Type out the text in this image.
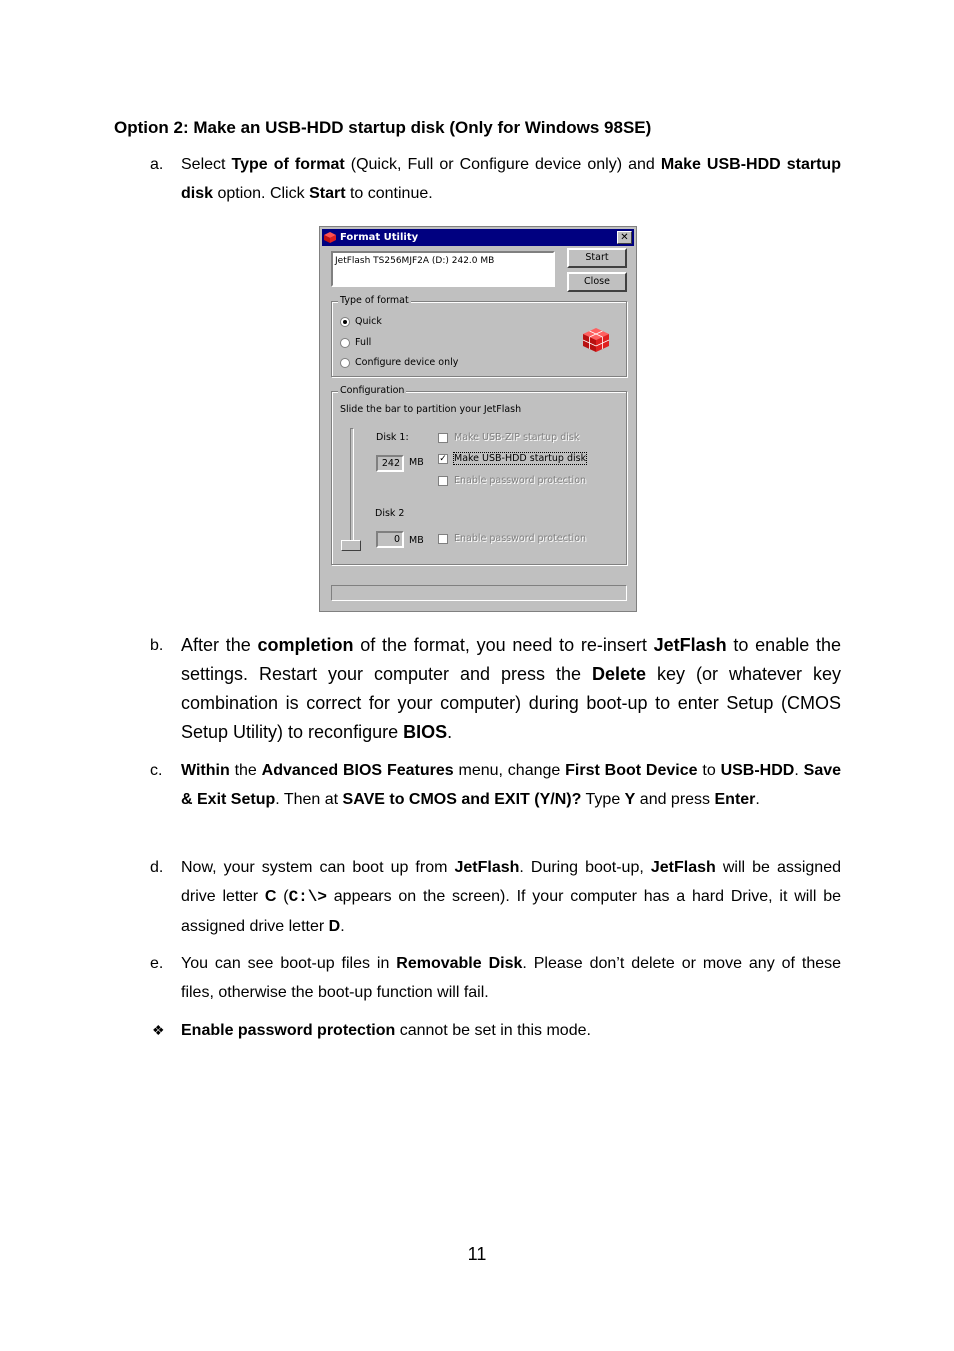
Option 2: Make an USB-HDD startup disk (Only for Windows 98SE)
a.	Select Type of format (Quick, Full or Configure device only) and Make USB-HDD startup disk option. Click Start to continue.
Format Utility	✕
JetFlash TS256MJF2A (D:) 242.0 MB	Start
Close
Type of format
Quick
Full
Configure device only
Configuration
Slide the bar to partition your JetFlash
Disk 1:
242 MB
Make USB-ZIP startup disk
✓ Make USB-HDD startup disk
Enable password protection
Disk 2
0 MB	Enable password protection
b. After the completion of the format, you need to re-insert JetFlash to enable the settings. Restart your computer and press the Delete key (or whatever key combination is correct for your computer) during boot-up to enter Setup (CMOS Setup Utility) to reconfigure BIOS.
c.	Within the Advanced BIOS Features menu, change First Boot Device to USB-HDD. Save & Exit Setup. Then at SAVE to CMOS and EXIT (Y/N)? Type Y and press Enter.
d.	Now, your system can boot up from JetFlash. During boot-up, JetFlash will be assigned drive letter C (C:\> appears on the screen). If your computer has a hard Drive, it will be assigned drive letter D.
e.	You can see boot-up files in Removable Disk. Please don’t delete or move any of these files, otherwise the boot-up function will fail.
❖	Enable password protection cannot be set in this mode.
11
